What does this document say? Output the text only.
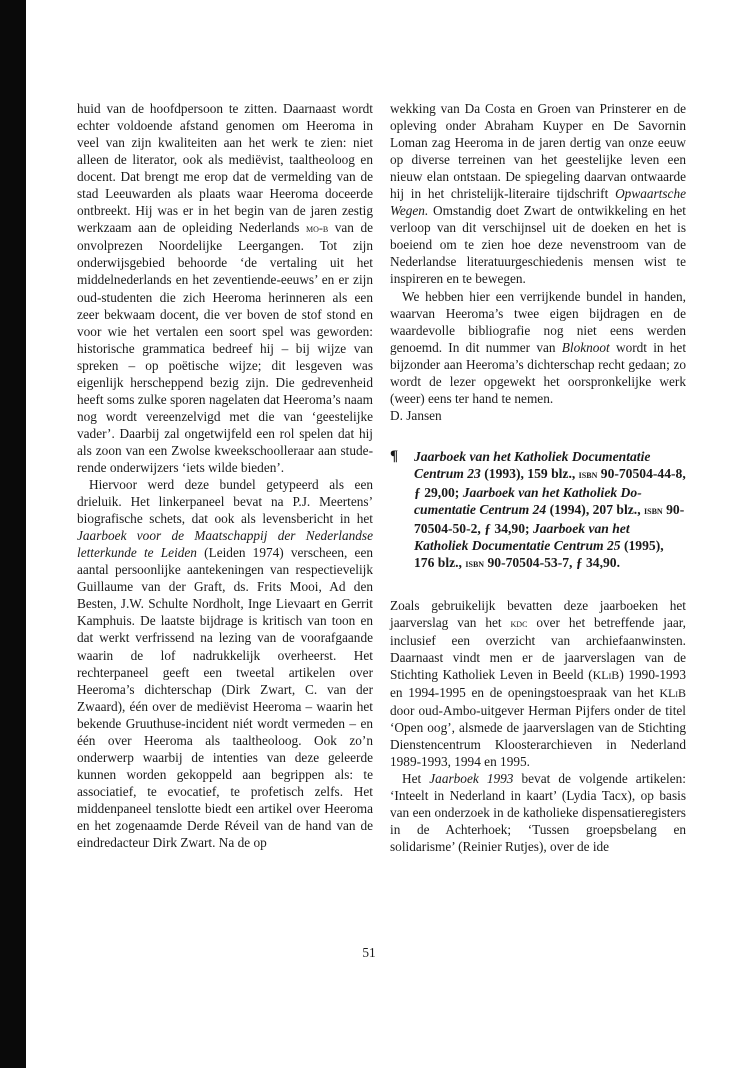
huid van de hoofdpersoon te zitten. Daarnaast wordt echter voldoende afstand genomen om Heeroma in veel van zijn kwaliteiten aan het werk te zien: niet alleen de literator, ook als mediëvist, taaltheoloog en docent. Dat brengt me erop dat de vermelding van de stad Leeuwarden als plaats waar Heeroma doceerde ontbreekt. Hij was er in het begin van de jaren zestig werkzaam aan de opleiding Nederlands mo-b van de onvolprezen Noordelijke Leergangen. Tot zijn onderwijsgebied behoorde ‘de vertaling uit het middelnederlands en het zeventiende-eeuws’ en er zijn oud-studenten die zich Heeroma herinneren als een zeer bekwaam docent, die ver boven de stof stond en voor wie het vertalen een soort spel was geworden: historische grammatica bedreef hij – bij wijze van spreken – op poëtische wijze; dit lesgeven was eigenlijk herscheppend bezig zijn. Die gedrevenheid heeft soms zulke sporen nagelaten dat Heeroma’s naam nog wordt vereenzelvigd met die van ‘geestelijke vader’. Daarbij zal ongetwijfeld een rol spelen dat hij als zoon van een Zwolse kweekschoolleraar aan studerende onderwijzers ‘iets wilde bieden’.

Hiervoor werd deze bundel getypeerd als een drieluik. Het linkerpaneel bevat na P.J. Meertens’ biografische schets, dat ook als levensbericht in het Jaarboek voor de Maatschappij der Nederlandse letterkunde te Leiden (Leiden 1974) verscheen, een aantal persoonlijke aantekeningen van respectievelijk Guillaume van der Graft, ds. Frits Mooi, Ad den Besten, J.W. Schulte Nordholt, Inge Lievaart en Gerrit Kamphuis. De laatste bijdrage is kritisch van toon en dat werkt verfrissend na lezing van de voorafgaande waarin de lof nadrukkelijk overheerst. Het rechterpaneel geeft een tweetal artikelen over Heeroma’s dichterschap (Dirk Zwart, C. van der Zwaard), één over de mediëvist Heeroma – waarin het bekende Gruuthuse-incident niét wordt vermeden – en één over Heeroma als taaltheoloog. Ook zo’n onderwerp waarbij de intenties van deze geleerde kunnen worden gekoppeld aan begrippen als: te associatief, te evocatief, te profetisch zelfs. Het middenpaneel tenslotte biedt een artikel over Heeroma en het zogenaamde Derde Réveil van de hand van de eindredacteur Dirk Zwart. Na de op

wekking van Da Costa en Groen van Prinsterer en de opleving onder Abraham Kuyper en De Savornin Loman zag Heeroma in de jaren dertig van onze eeuw op diverse terreinen van het geestelijke leven een nieuw elan ontstaan. De spiegeling daarvan ontwaarde hij in het christelijk-literaire tijdschrift Opwaartsche Wegen. Omstandig doet Zwart de ontwikkeling en het verloop van dit verschijnsel uit de doeken en het is boeiend om te zien hoe deze nevenstroom van de Nederlandse literatuurgeschiedenis mensen wist te inspireren en te bewegen.

We hebben hier een verrijkende bundel in handen, waarvan Heeroma’s twee eigen bijdragen en de waardevolle bibliografie nog niet eens werden genoemd. In dit nummer van Bloknoot wordt in het bijzonder aan Heeroma’s dichterschap recht gedaan; zo wordt de lezer opgewekt het oorspronkelijke werk (weer) eens ter hand te nemen.

D. Jansen

¶ Jaarboek van het Katholiek Documentatie Centrum 23 (1993), 159 blz., isbn 90-70504-44-8, ƒ 29,00; Jaarboek van het Katholiek Documentatie Centrum 24 (1994), 207 blz., isbn 90-70504-50-2, ƒ 34,90; Jaarboek van het Katholiek Documentatie Centrum 25 (1995), 176 blz., isbn 90-70504-53-7, ƒ 34,90.

Zoals gebruikelijk bevatten deze jaarboeken het jaarverslag van het kdc over het betreffende jaar, inclusief een overzicht van archiefaanwinsten. Daarnaast vindt men er de jaarverslagen van de Stichting Katholiek Leven in Beeld (KLiB) 1990-1993 en 1994-1995 en de openingstoespraak van het KLiB door oud-Ambo-uitgever Herman Pijfers onder de titel ‘Open oog’, alsmede de jaarverslagen van de Stichting Dienstencentrum Kloosterarchieven in Nederland 1989-1993, 1994 en 1995.

Het Jaarboek 1993 bevat de volgende artikelen: ‘Inteelt in Nederland in kaart’ (Lydia Tacx), op basis van een onderzoek in de katholieke dispensatieregisters in de Achterhoek; ‘Tussen groepsbelang en solidarisme’ (Reinier Rutjes), over de ide

51
